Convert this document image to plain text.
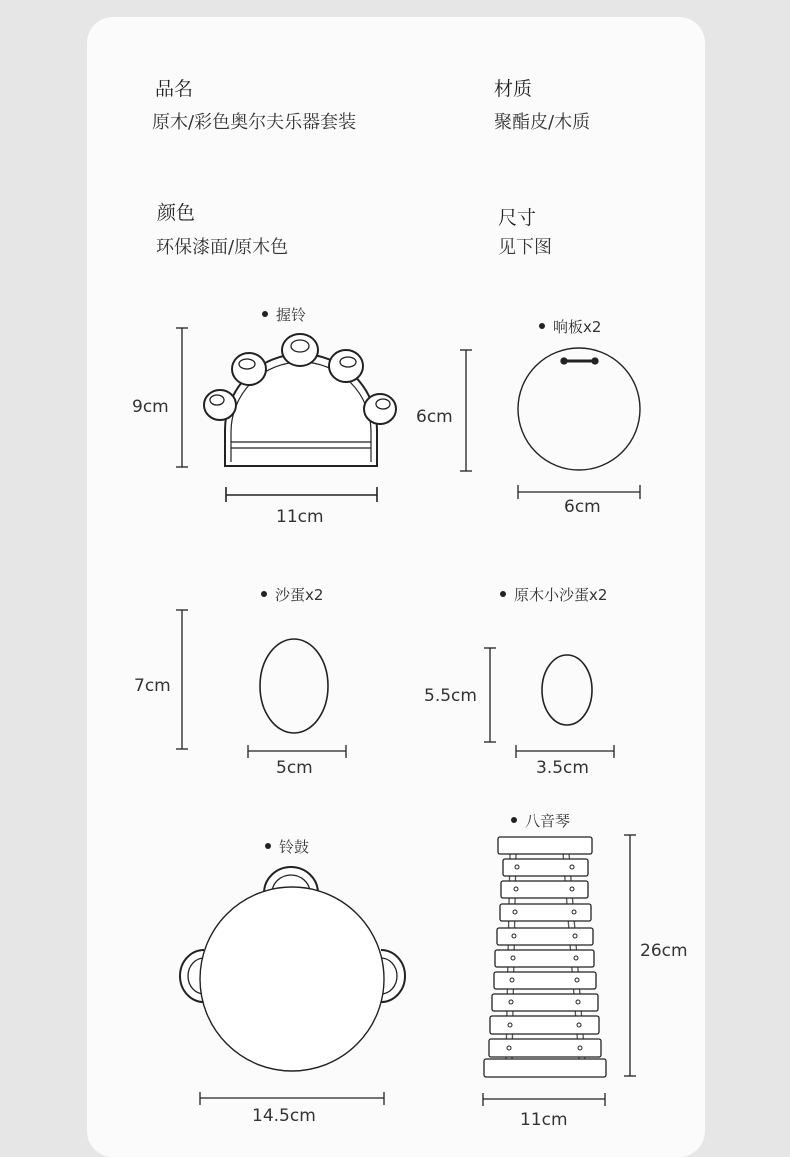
品名
原木/彩色奥尔夫乐器套装
材质
聚酯皮/木质
颜色
环保漆面/原木色
尺寸
见下图
握铃
响板x2
沙蛋x2	原木小沙蛋x2
铃鼓
八音琴
9cm
11cm
6cm
6cm
7cm
5cm
5.5cm
3.5cm
14.5cm
26cm
11cm
